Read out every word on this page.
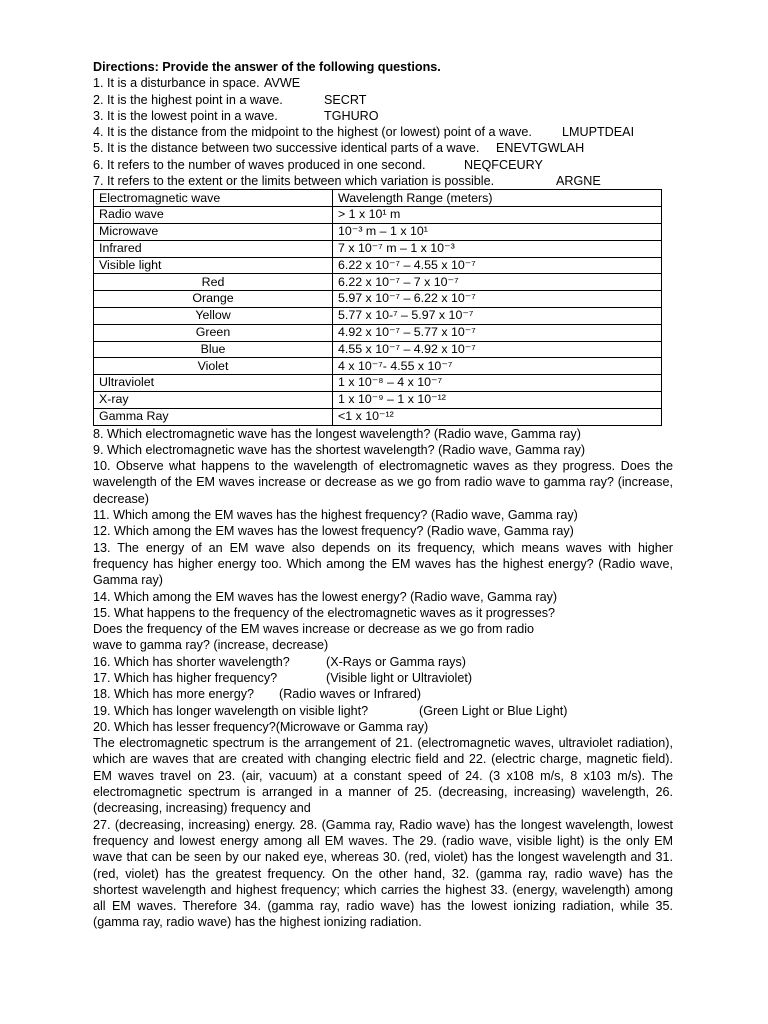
Directions: Provide the answer of the following questions.
1. It is a disturbance in space. AVWE
2. It is the highest point in a wave.	SECRT
3. It is the lowest point in a wave.	TGHURO
4. It is the distance from the midpoint to the highest (or lowest) point of a wave. LMUPTDEAI
5. It is the distance between two successive identical parts of a wave. ENEVTGWLAH
6. It refers to the number of waves produced in one second.	NEQFCEURY
7. It refers to the extent or the limits between which variation is possible.	ARGNE
Electromagnetic wave	Wavelength Range (meters)
Radio wave	> 1 x 10¹ m
Microwave	10⁻³ m – 1 x 10¹
Infrared	7 x 10⁻⁷ m – 1 x 10⁻³
Visible light	6.22 x 10⁻⁷ – 4.55 x 10⁻⁷
Red	6.22 x 10⁻⁷ – 7 x 10⁻⁷
Orange	5.97 x 10⁻⁷ – 6.22 x 10⁻⁷
Yellow	5.77 x 10-⁷ – 5.97 x 10⁻⁷
Green	4.92 x 10⁻⁷ – 5.77 x 10⁻⁷
Blue	4.55 x 10⁻⁷ – 4.92 x 10⁻⁷
Violet	4 x 10⁻⁷- 4.55 x 10⁻⁷
Ultraviolet	1 x 10⁻⁸ – 4 x 10⁻⁷
X-ray	1 x 10⁻⁹ – 1 x 10⁻¹²
Gamma Ray	<1 x 10⁻¹²
8. Which electromagnetic wave has the longest wavelength? (Radio wave, Gamma ray)
9. Which electromagnetic wave has the shortest wavelength? (Radio wave, Gamma ray)
10. Observe what happens to the wavelength of electromagnetic waves as they progress. Does the wavelength of the EM waves increase or decrease as we go from radio wave to gamma ray? (increase, decrease)
11. Which among the EM waves has the highest frequency? (Radio wave, Gamma ray)
12. Which among the EM waves has the lowest frequency? (Radio wave, Gamma ray)
13. The energy of an EM wave also depends on its frequency, which means waves with higher frequency has higher energy too. Which among the EM waves has the highest energy? (Radio wave, Gamma ray)
14. Which among the EM waves has the lowest energy? (Radio wave, Gamma ray)
15. What happens to the frequency of the electromagnetic waves as it progresses?
Does the frequency of the EM waves increase or decrease as we go from radio
wave to gamma ray? (increase, decrease)
16. Which has shorter wavelength?	(X-Rays or Gamma rays)
17. Which has higher frequency?	(Visible light or Ultraviolet)
18. Which has more energy? (Radio waves or Infrared)
19. Which has longer wavelength on visible light?	(Green Light or Blue Light)
20. Which has lesser frequency?(Microwave or Gamma ray)
The electromagnetic spectrum is the arrangement of 21. (electromagnetic waves, ultraviolet radiation), which are waves that are created with changing electric field and 22. (electric charge, magnetic field). EM waves travel on 23. (air, vacuum) at a constant speed of 24. (3 x108 m/s, 8 x103 m/s). The electromagnetic spectrum is arranged in a manner of 25. (decreasing, increasing) wavelength, 26. (decreasing, increasing) frequency and
27. (decreasing, increasing) energy. 28. (Gamma ray, Radio wave) has the longest wavelength, lowest frequency and lowest energy among all EM waves. The 29. (radio wave, visible light) is the only EM wave that can be seen by our naked eye, whereas 30. (red, violet) has the longest wavelength and 31. (red, violet) has the greatest frequency. On the other hand, 32. (gamma ray, radio wave) has the shortest wavelength and highest frequency; which carries the highest 33. (energy, wavelength) among all EM waves. Therefore 34. (gamma ray, radio wave) has the lowest ionizing radiation, while 35. (gamma ray, radio wave) has the highest ionizing radiation.
